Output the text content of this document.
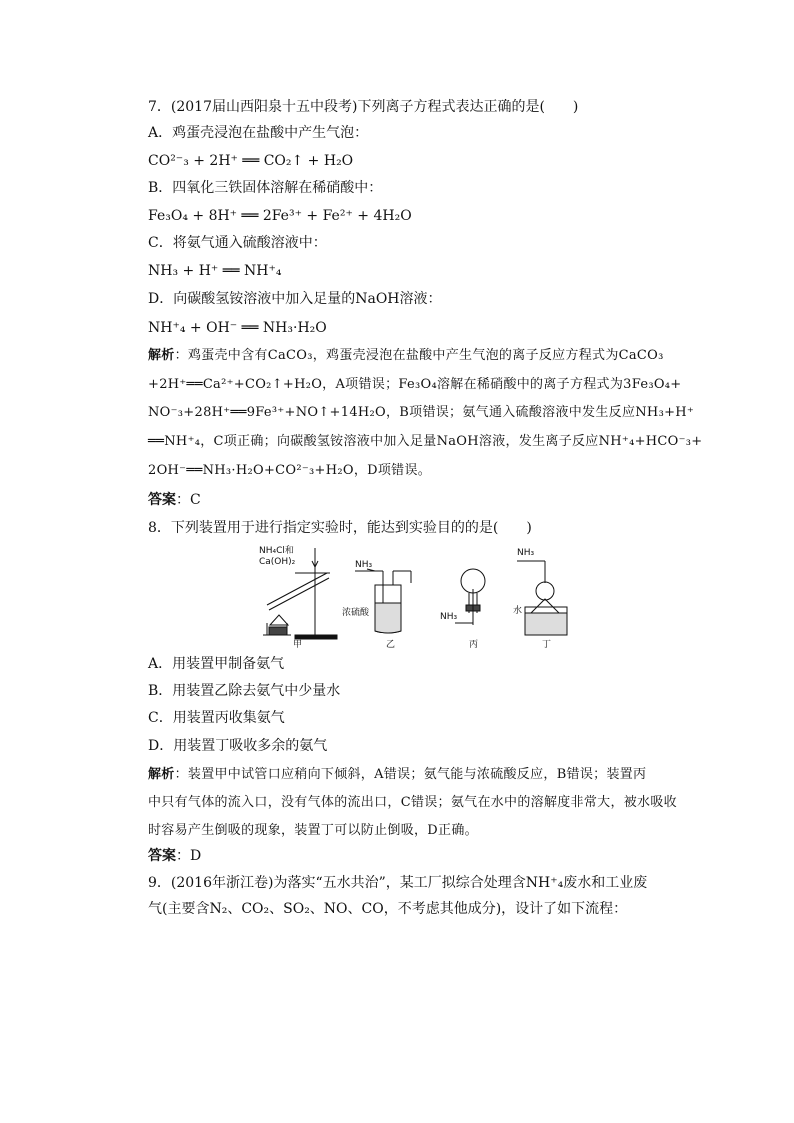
7．(2017届山西阳泉十五中段考)下列离子方程式表达正确的是(　　)
A．鸡蛋壳浸泡在盐酸中产生气泡：
CO²⁻₃ + 2H⁺ ══ CO₂↑ + H₂O
B．四氧化三铁固体溶解在稀硝酸中：
Fe₃O₄ + 8H⁺ ══ 2Fe³⁺ + Fe²⁺ + 4H₂O
C．将氨气通入硫酸溶液中：
NH₃ + H⁺ ══ NH⁺₄
D．向碳酸氢铵溶液中加入足量的NaOH溶液：
NH⁺₄ + OH⁻ ══ NH₃·H₂O
解析：鸡蛋壳中含有CaCO₃，鸡蛋壳浸泡在盐酸中产生气泡的离子反应方程式为CaCO₃
+2H⁺══Ca²⁺+CO₂↑+H₂O，A项错误；Fe₃O₄溶解在稀硝酸中的离子方程式为3Fe₃O₄+
NO⁻₃+28H⁺══9Fe³⁺+NO↑+14H₂O，B项错误；氨气通入硫酸溶液中发生反应NH₃+H⁺
══NH⁺₄，C项正确；向碳酸氢铵溶液中加入足量NaOH溶液，发生离子反应NH⁺₄+HCO⁻₃+
2OH⁻══NH₃·H₂O+CO²⁻₃+H₂O，D项错误。
答案：C
8．下列装置用于进行指定实验时，能达到实验目的的是(　　)
NH₄Cl和
Ca(OH)₂	NH₃
浓硫酸	NH₃
NH₃
水
甲	乙	丙	丁
A．用装置甲制备氨气
B．用装置乙除去氨气中少量水
C．用装置丙收集氨气
D．用装置丁吸收多余的氨气
解析：装置甲中试管口应稍向下倾斜，A错误；氨气能与浓硫酸反应，B错误；装置丙
中只有气体的流入口，没有气体的流出口，C错误；氨气在水中的溶解度非常大，被水吸收
时容易产生倒吸的现象，装置丁可以防止倒吸，D正确。
答案：D
9．(2016年浙江卷)为落实“五水共治”，某工厂拟综合处理含NH⁺₄废水和工业废气(主要含N₂、CO₂、SO₂、NO、CO，不考虑其他成分)，设计了如下流程：
